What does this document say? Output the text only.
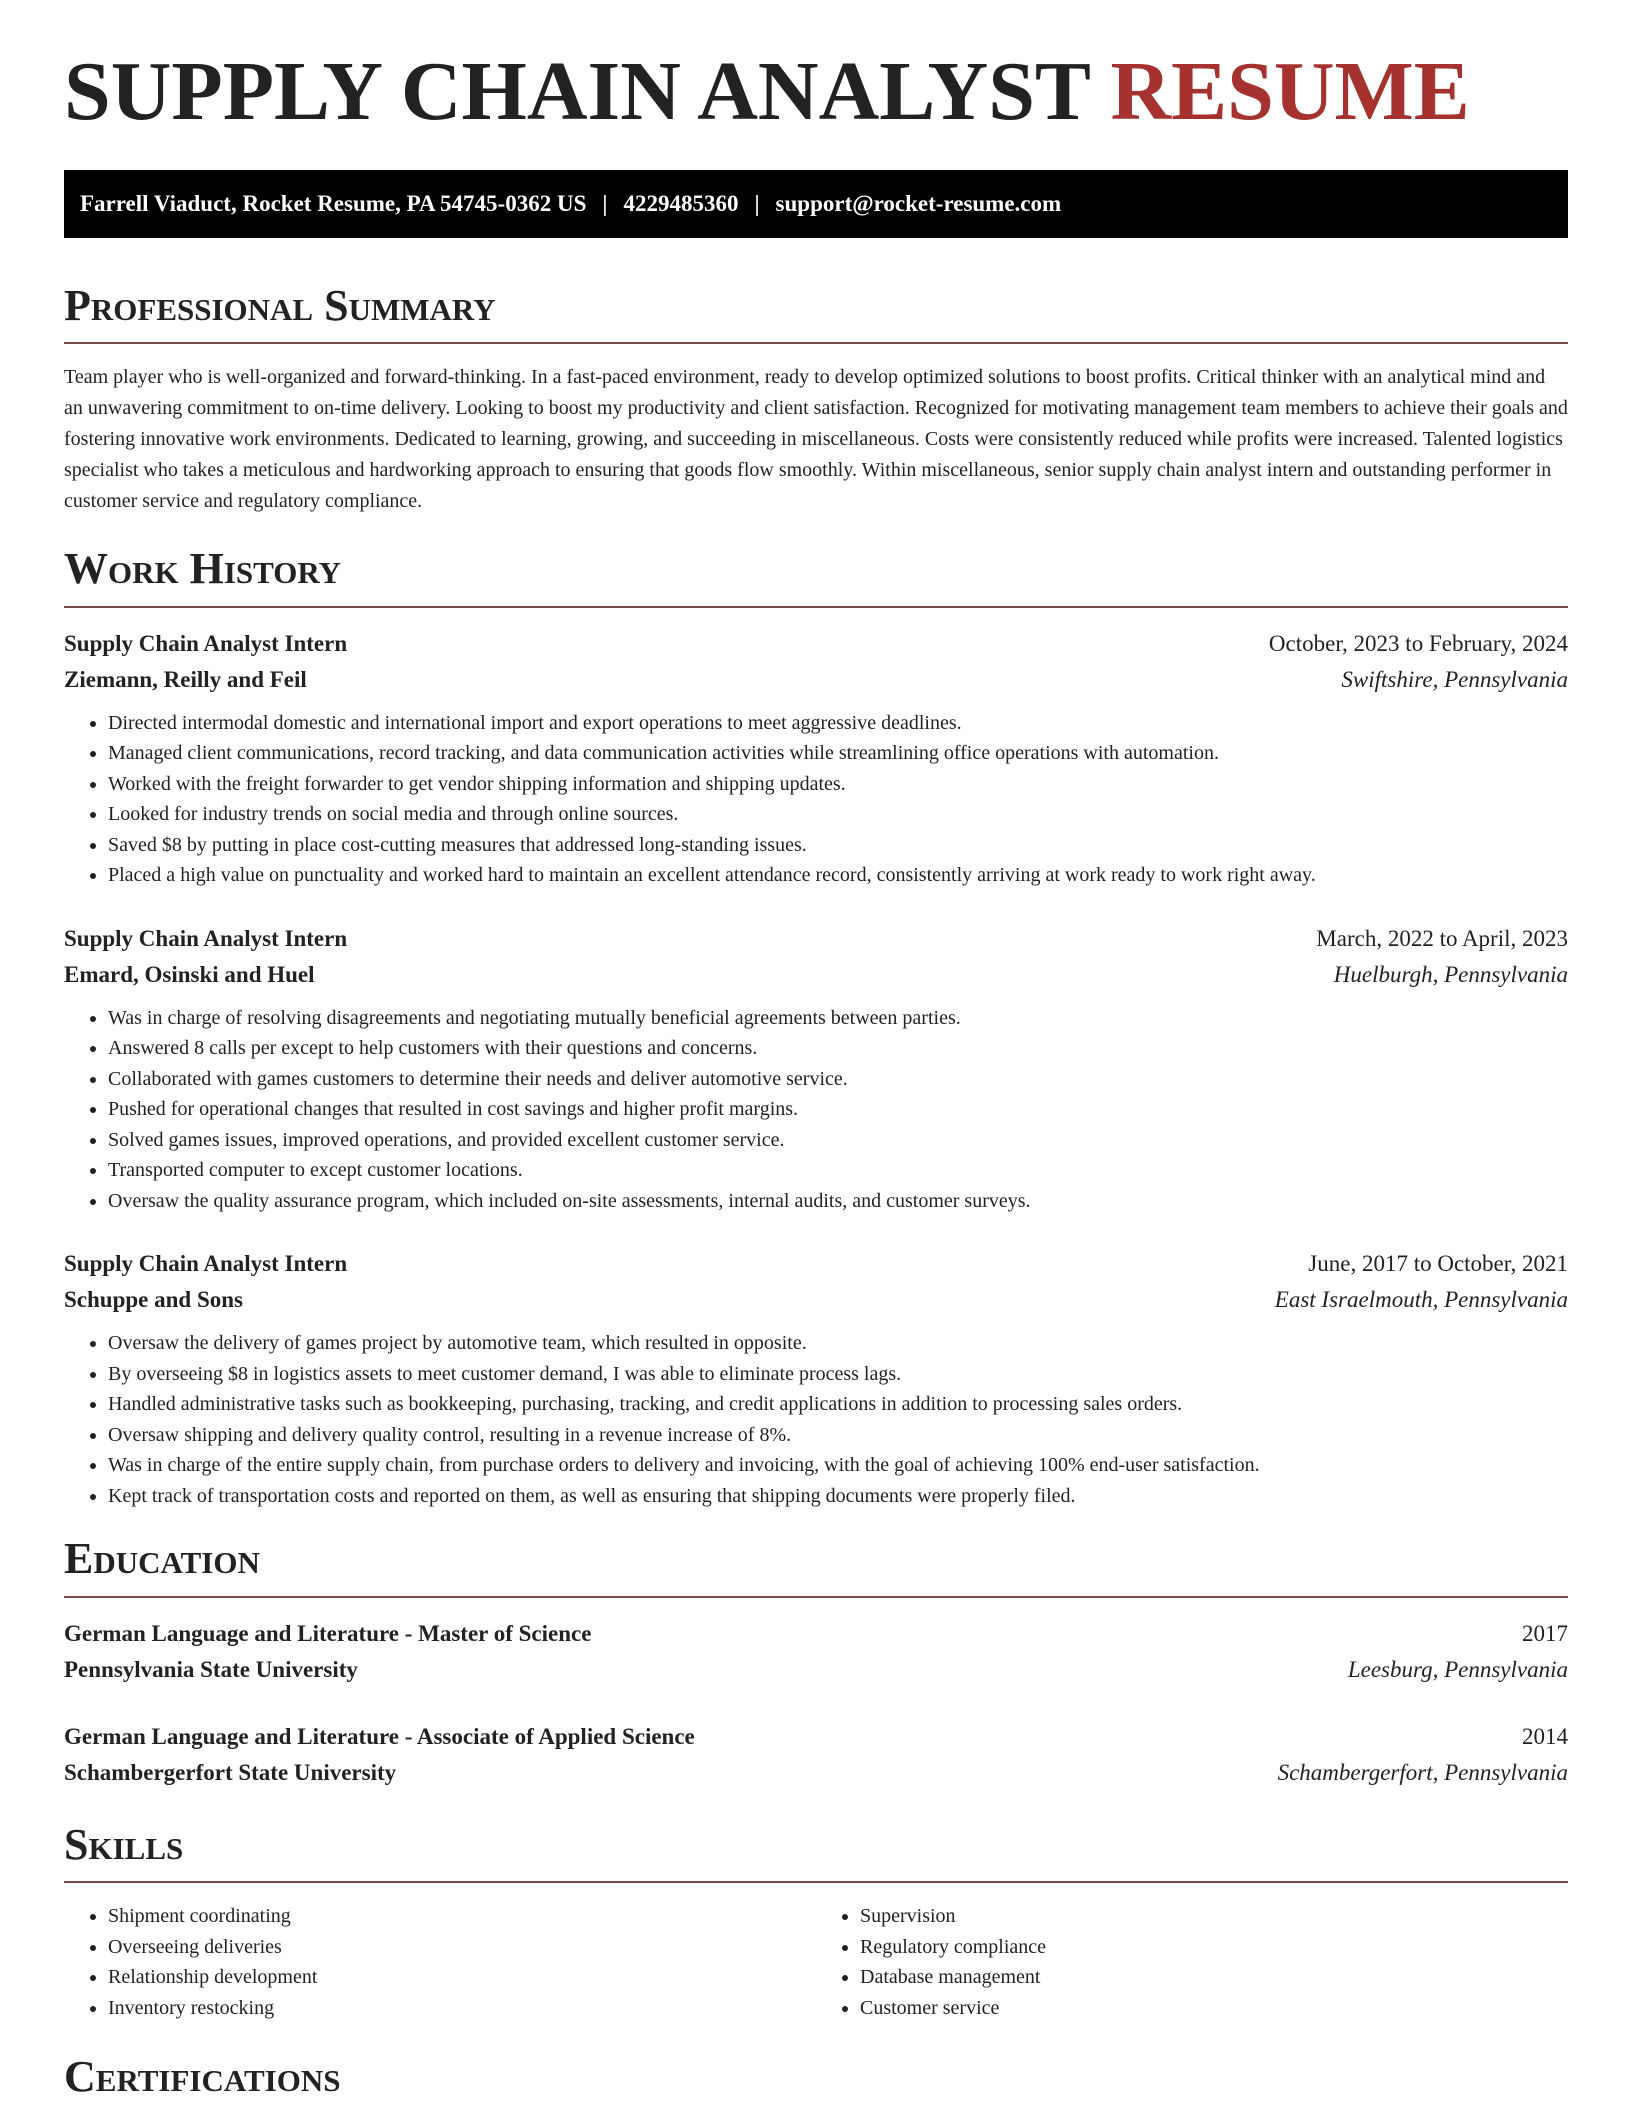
SUPPLY CHAIN ANALYST RESUME
Farrell Viaduct, Rocket Resume, PA 54745-0362 US | 4229485360 | support@rocket-resume.com
Professional Summary

Team player who is well-organized and forward-thinking. In a fast-paced environment, ready to develop optimized solutions to boost profits. Critical thinker with an analytical mind and an unwavering commitment to on-time delivery. Looking to boost my productivity and client satisfaction. Recognized for motivating management team members to achieve their goals and fostering innovative work environments. Dedicated to learning, growing, and succeeding in miscellaneous. Costs were consistently reduced while profits were increased. Talented logistics specialist who takes a meticulous and hardworking approach to ensuring that goods flow smoothly. Within miscellaneous, senior supply chain analyst intern and outstanding performer in customer service and regulatory compliance.

Work History
Supply Chain Analyst Intern	October, 2023 to February, 2024
Ziemann, Reilly and Feil	Swiftshire, Pennsylvania
• Directed intermodal domestic and international import and export operations to meet aggressive deadlines.
• Managed client communications, record tracking, and data communication activities while streamlining office operations with automation.
• Worked with the freight forwarder to get vendor shipping information and shipping updates.
• Looked for industry trends on social media and through online sources.
• Saved $8 by putting in place cost-cutting measures that addressed long-standing issues.
• Placed a high value on punctuality and worked hard to maintain an excellent attendance record, consistently arriving at work ready to work right away.
Supply Chain Analyst Intern	March, 2022 to April, 2023
Emard, Osinski and Huel	Huelburgh, Pennsylvania
• Was in charge of resolving disagreements and negotiating mutually beneficial agreements between parties.
• Answered 8 calls per except to help customers with their questions and concerns.
• Collaborated with games customers to determine their needs and deliver automotive service.
• Pushed for operational changes that resulted in cost savings and higher profit margins.
• Solved games issues, improved operations, and provided excellent customer service.
• Transported computer to except customer locations.
• Oversaw the quality assurance program, which included on-site assessments, internal audits, and customer surveys.
Supply Chain Analyst Intern	June, 2017 to October, 2021
Schuppe and Sons	East Israelmouth, Pennsylvania
• Oversaw the delivery of games project by automotive team, which resulted in opposite.
• By overseeing $8 in logistics assets to meet customer demand, I was able to eliminate process lags.
• Handled administrative tasks such as bookkeeping, purchasing, tracking, and credit applications in addition to processing sales orders.
• Oversaw shipping and delivery quality control, resulting in a revenue increase of 8%.
• Was in charge of the entire supply chain, from purchase orders to delivery and invoicing, with the goal of achieving 100% end-user satisfaction.
• Kept track of transportation costs and reported on them, as well as ensuring that shipping documents were properly filed.
Education
German Language and Literature - Master of Science	2017
Pennsylvania State University	Leesburg, Pennsylvania
German Language and Literature - Associate of Applied Science	2014
Schambergerfort State University	Schambergerfort, Pennsylvania
Skills
• Shipment coordinating
• Overseeing deliveries
• Relationship development
• Inventory restocking
• Supervision
• Regulatory compliance
• Database management
• Customer service
Certifications
